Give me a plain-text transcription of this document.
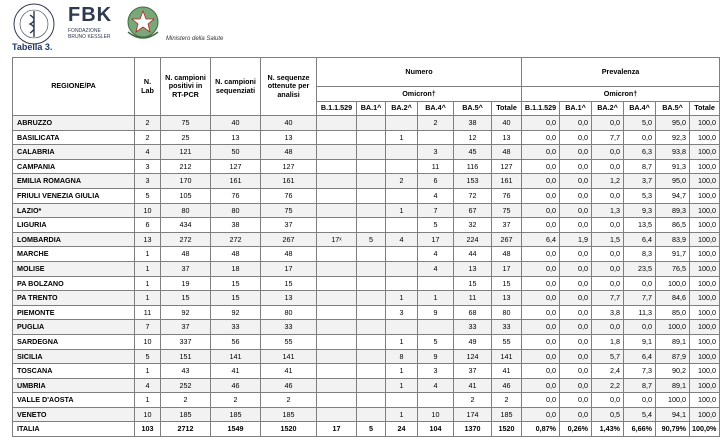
FBK
FONDAZIONE
BRUNO KESSLER	Ministero della Salute
Tabella 3.
REGIONE/PA	N. Lab	N. campioni positivi in RT-PCR	N. campioni sequenziati	N. sequenze ottenute per analisi	Numero						Prevalenza					
					Omicron†						Omicron†					
					B.1.1.529	BA.1^	BA.2^	BA.4^	BA.5^	Totale	B.1.1.529	BA.1^	BA.2^	BA.4^	BA.5^	Totale
ABRUZZO	2	75	40	40				2	38	40	0,0	0,0	0,0	5,0	95,0	100,0
BASILICATA	2	25	13	13			1		12	13	0,0	0,0	7,7	0,0	92,3	100,0
CALABRIA	4	121	50	48				3	45	48	0,0	0,0	0,0	6,3	93,8	100,0
CAMPANIA	3	212	127	127				11	116	127	0,0	0,0	0,0	8,7	91,3	100,0
EMILIA ROMAGNA	3	170	161	161			2	6	153	161	0,0	0,0	1,2	3,7	95,0	100,0
FRIULI VENEZIA GIULIA	5	105	76	76				4	72	76	0,0	0,0	0,0	5,3	94,7	100,0
LAZIO*	10	80	80	75			1	7	67	75	0,0	0,0	1,3	9,3	89,3	100,0
LIGURIA	6	434	38	37				5	32	37	0,0	0,0	0,0	13,5	86,5	100,0
LOMBARDIA	13	272	272	267	17ˣ	5	4	17	224	267	6,4	1,9	1,5	6,4	83,9	100,0
MARCHE	1	48	48	48				4	44	48	0,0	0,0	0,0	8,3	91,7	100,0
MOLISE	1	37	18	17				4	13	17	0,0	0,0	0,0	23,5	76,5	100,0
PA BOLZANO	1	19	15	15					15	15	0,0	0,0	0,0	0,0	100,0	100,0
PA TRENTO	1	15	15	13			1	1	11	13	0,0	0,0	7,7	7,7	84,6	100,0
PIEMONTE	11	92	92	80			3	9	68	80	0,0	0,0	3,8	11,3	85,0	100,0
PUGLIA	7	37	33	33					33	33	0,0	0,0	0,0	0,0	100,0	100,0
SARDEGNA	10	337	56	55			1	5	49	55	0,0	0,0	1,8	9,1	89,1	100,0
SICILIA	5	151	141	141			8	9	124	141	0,0	0,0	5,7	6,4	87,9	100,0
TOSCANA	1	43	41	41			1	3	37	41	0,0	0,0	2,4	7,3	90,2	100,0
UMBRIA	4	252	46	46			1	4	41	46	0,0	0,0	2,2	8,7	89,1	100,0
VALLE D'AOSTA	1	2	2	2					2	2	0,0	0,0	0,0	0,0	100,0	100,0
VENETO	10	185	185	185			1	10	174	185	0,0	0,0	0,5	5,4	94,1	100,0
ITALIA	103	2712	1549	1520	17	5	24	104	1370	1520	0,87%	0,26%	1,43%	6,66%	90,79%	100,0%
